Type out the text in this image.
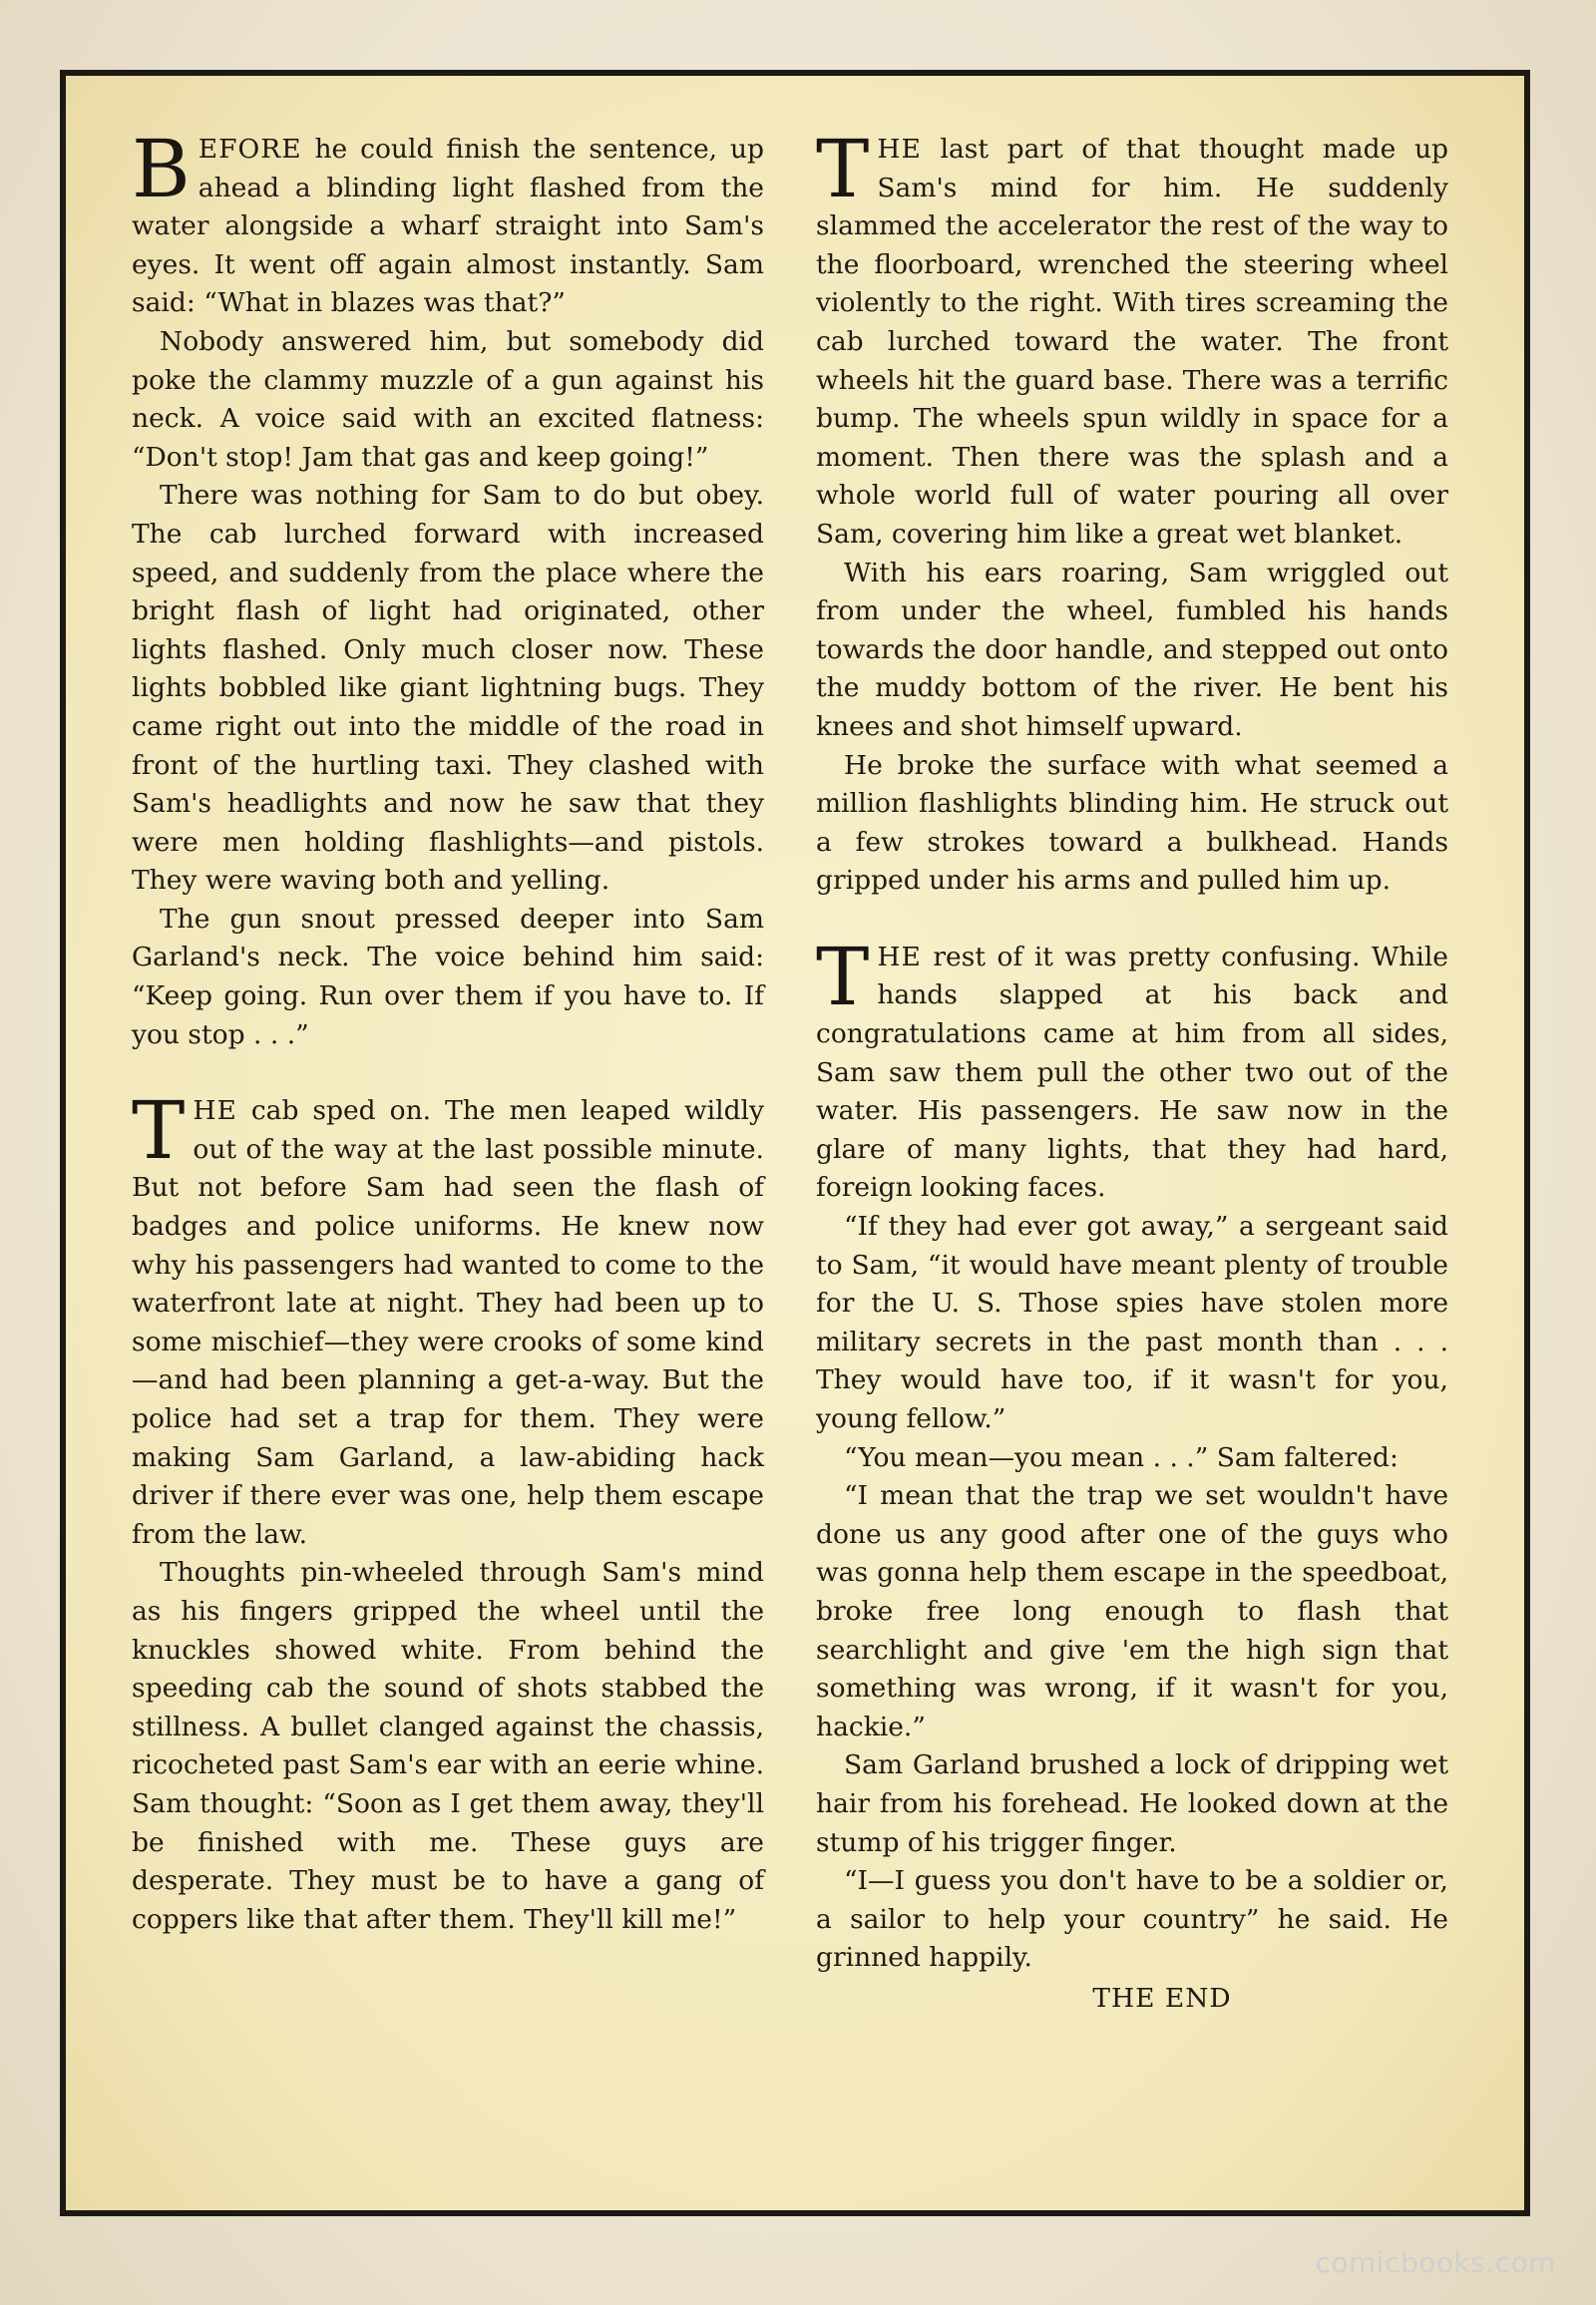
BEFORE he could finish the sentence, up ahead a blinding light flashed from the water alongside a wharf straight into Sam's eyes. It went off again almost instantly. Sam said: “What in blazes was that?”

Nobody answered him, but somebody did poke the clammy muzzle of a gun against his neck. A voice said with an excited flatness: “Don't stop! Jam that gas and keep going!”

There was nothing for Sam to do but obey. The cab lurched forward with increased speed, and suddenly from the place where the bright flash of light had originated, other lights flashed. Only much closer now. These lights bobbled like giant lightning bugs. They came right out into the middle of the road in front of the hurtling taxi. They clashed with Sam's headlights and now he saw that they were men holding flashlights—and pistols. They were waving both and yelling.

The gun snout pressed deeper into Sam Garland's neck. The voice behind him said: “Keep going. Run over them if you have to. If you stop . . .”

THE cab sped on. The men leaped wildly out of the way at the last possible minute. But not before Sam had seen the flash of badges and police uniforms. He knew now why his passengers had wanted to come to the waterfront late at night. They had been up to some mischief—they were crooks of some kind—and had been planning a get-a-way. But the police had set a trap for them. They were making Sam Garland, a law-abiding hack driver if there ever was one, help them escape from the law.

Thoughts pin-wheeled through Sam's mind as his fingers gripped the wheel until the knuckles showed white. From behind the speeding cab the sound of shots stabbed the stillness. A bullet clanged against the chassis, ricocheted past Sam's ear with an eerie whine. Sam thought: “Soon as I get them away, they'll be finished with me. These guys are desperate. They must be to have a gang of coppers like that after them. They'll kill me!”

THE last part of that thought made up Sam's mind for him. He suddenly slammed the accelerator the rest of the way to the floorboard, wrenched the steering wheel violently to the right. With tires screaming the cab lurched toward the water. The front wheels hit the guard base. There was a terrific bump. The wheels spun wildly in space for a moment. Then there was the splash and a whole world full of water pouring all over Sam, covering him like a great wet blanket.

With his ears roaring, Sam wriggled out from under the wheel, fumbled his hands towards the door handle, and stepped out onto the muddy bottom of the river. He bent his knees and shot himself upward.

He broke the surface with what seemed a million flashlights blinding him. He struck out a few strokes toward a bulkhead. Hands gripped under his arms and pulled him up.

THE rest of it was pretty confusing. While hands slapped at his back and congratulations came at him from all sides, Sam saw them pull the other two out of the water. His passengers. He saw now in the glare of many lights, that they had hard, foreign looking faces.

“If they had ever got away,” a sergeant said to Sam, “it would have meant plenty of trouble for the U. S. Those spies have stolen more military secrets in the past month than . . . They would have too, if it wasn't for you, young fellow.”

“You mean—you mean . . .” Sam faltered:

“I mean that the trap we set wouldn't have done us any good after one of the guys who was gonna help them escape in the speedboat, broke free long enough to flash that searchlight and give 'em the high sign that something was wrong, if it wasn't for you, hackie.”

Sam Garland brushed a lock of dripping wet hair from his forehead. He looked down at the stump of his trigger finger.

“I—I guess you don't have to be a soldier or, a sailor to help your country” he said. He grinned happily.

THE END

comicbooks.com
